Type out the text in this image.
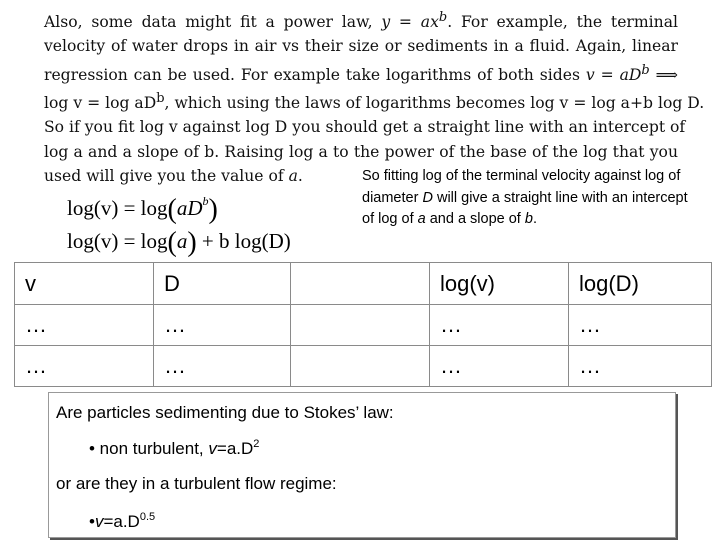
Also, some data might fit a power law, $y = ax^b$. For example, the terminal
velocity of water drops in air vs their size or sediments in a fluid. Again, linear
regression can be used. For example take logarithms of both sides $v = aD^b$ ⟹
$\log v = \log aD^b$, which using the laws of logarithms becomes log v = log a+b log D.
So if you fit log v against log D you should get a straight line with an intercept of
log a and a slope of b. Raising log a to the power of the base of the log that you
used will give you the value of a.
$\log(v) = \log(aD^b)$
log(v) = log(a) + b log(D)
So fitting log of the terminal velocity against log of diameter D will give a straight line with an intercept of log of a and a slope of b.
v	D		log(v)	log(D)
…	…		…	…
…	…		…	…
Are particles sedimenting due to Stokes’ law:
• non turbulent, $v=a.D^2$
or are they in a turbulent flow regime:
$•v=a.D^{0.5}$
